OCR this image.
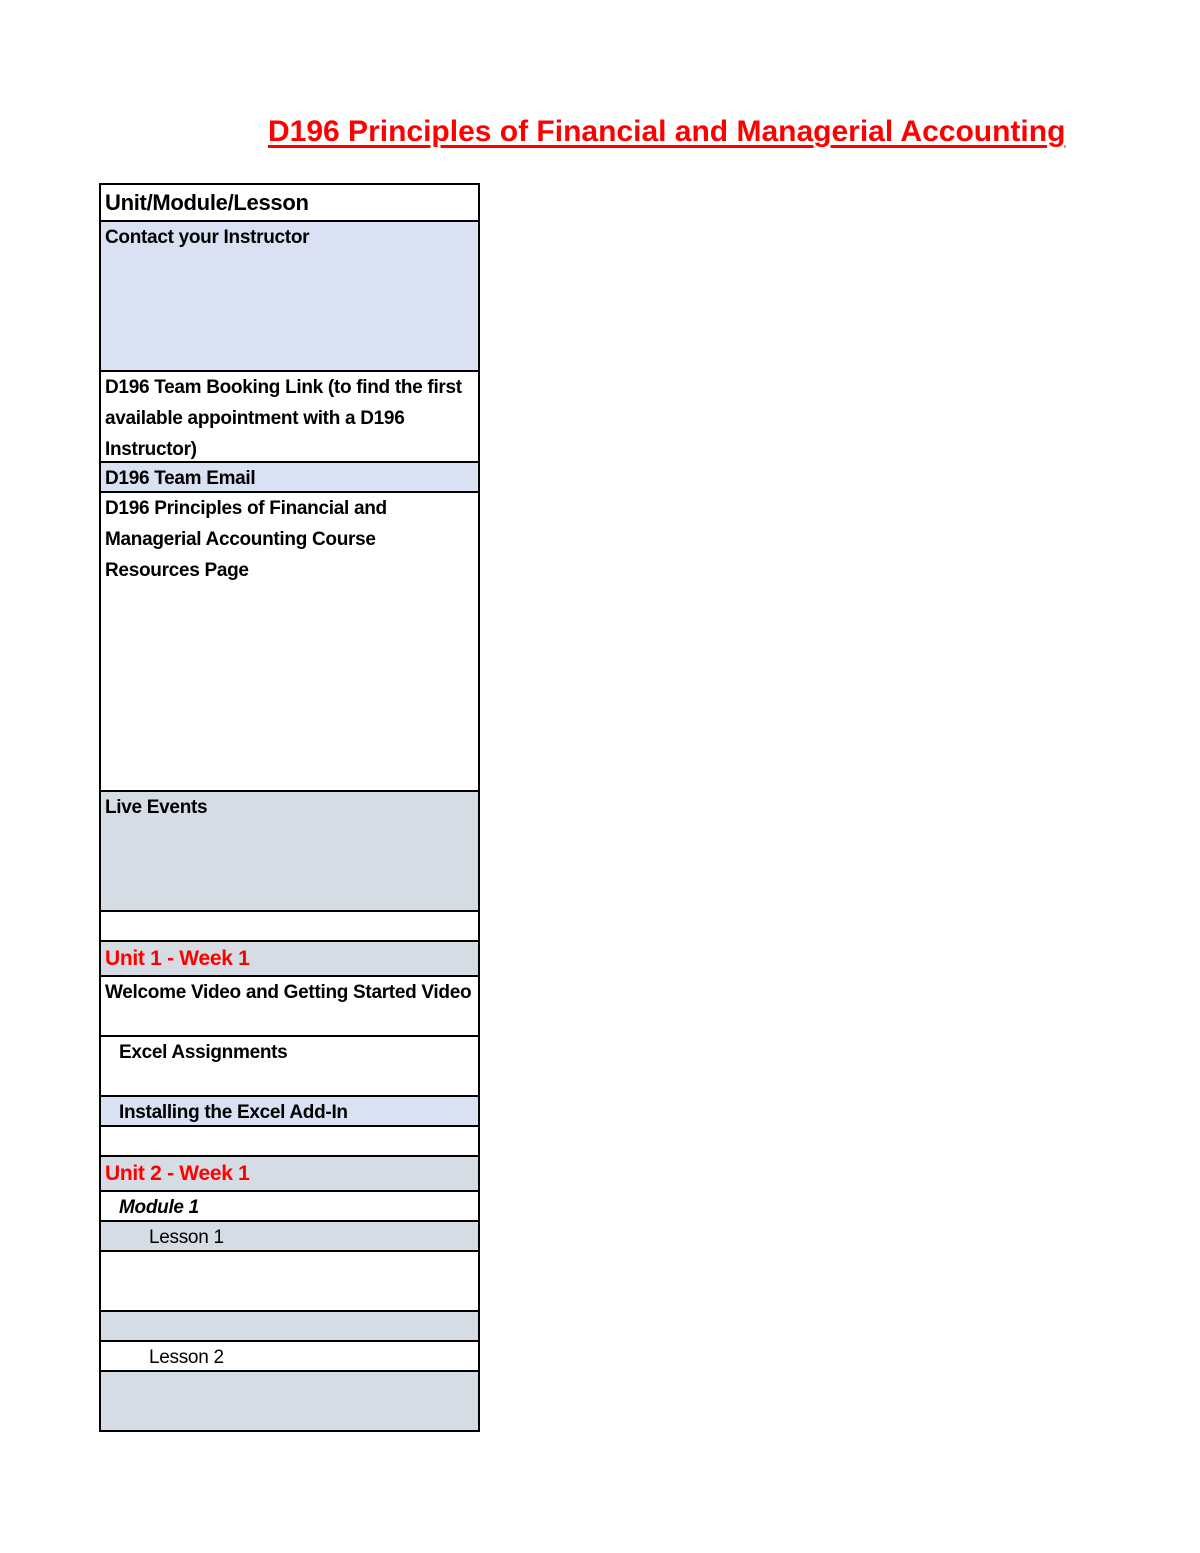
D196 Principles of Financial and Managerial Accounting
Unit/Module/Lesson
Contact your Instructor
D196 Team Booking Link (to find the first available appointment with a D196 Instructor)
D196 Team Email
D196 Principles of Financial and Managerial Accounting Course Resources Page
Live Events
Unit 1 - Week 1
Welcome Video and Getting Started Video
Excel Assignments
Installing the Excel Add-In
Unit 2 - Week 1
Module 1
Lesson 1
Lesson 2
